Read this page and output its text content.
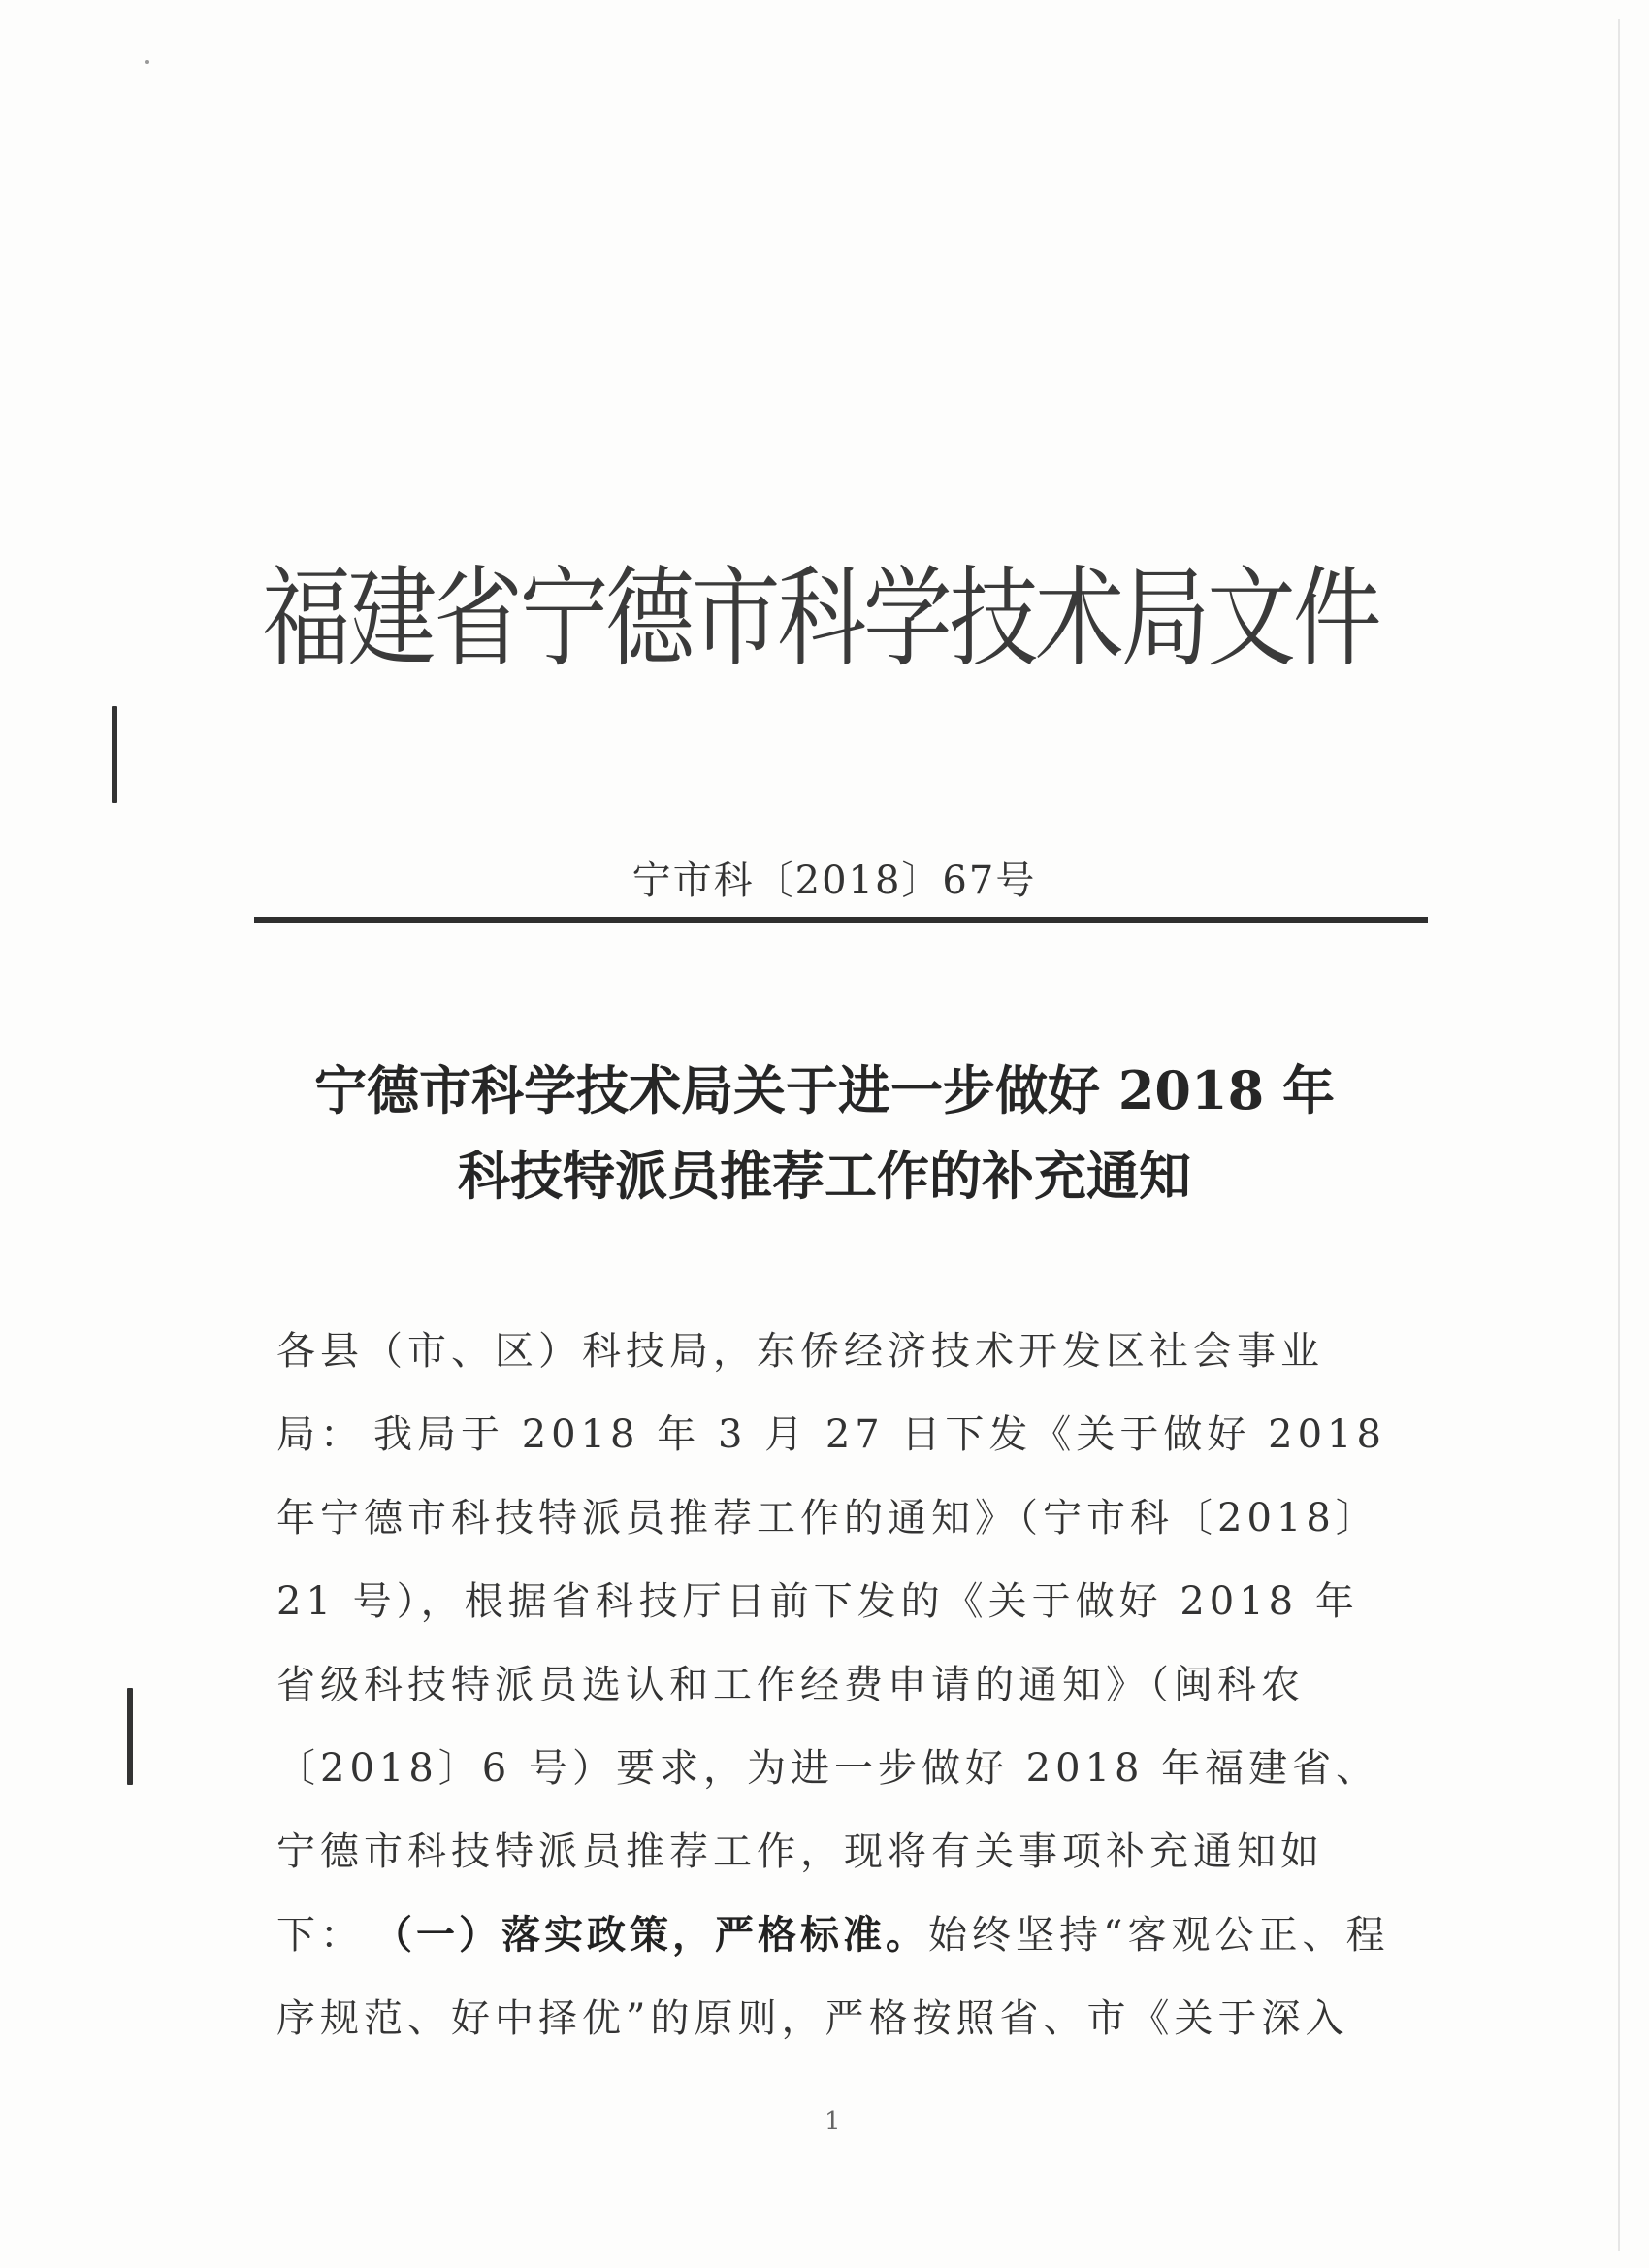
福建省宁德市科学技术局文件
宁市科〔2018〕67号
宁德市科学技术局关于进一步做好 2018 年
科技特派员推荐工作的补充通知
各县（市、区）科技局，东侨经济技术开发区社会事业局： 我局于 2018 年 3 月 27 日下发《关于做好 2018 年宁德市科技特派员推荐工作的通知》（宁市科〔2018〕21 号），根据省科技厅日前下发的《关于做好 2018 年省级科技特派员选认和工作经费申请的通知》（闽科农〔2018〕6 号）要求，为进一步做好 2018 年福建省、宁德市科技特派员推荐工作，现将有关事项补充通知如下： （一）落实政策，严格标准。始终坚持“客观公正、程序规范、好中择优”的原则，严格按照省、市《关于深入
1
